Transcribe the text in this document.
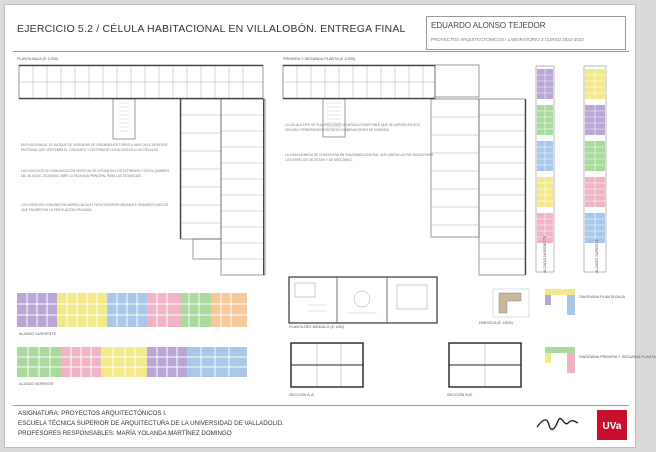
EJERCICIO 5.2 / CÉLULA HABITACIONAL EN VILLALOBÓN. ENTREGA FINAL	EDUARDO ALONSO TEJEDOR
PROYECTOS ARQUITECTÓNICOS I LABORATORIO 3 CURSO 2022-2023
PLANTA BAJA (E 1/200)
EN PLANTA BAJA, EL BLOQUE DE VIVIENDAS SE ORGANIZA EN TORNO A UNA CALLE INTERIOR PEATONAL QUE VERTEBRA EL CONJUNTO Y DISTRIBUYE LOS ACCESOS A LAS CÉLULAS.
LOS NÚCLEOS DE COMUNICACIÓN VERTICAL SE SITÚAN EN LOS EXTREMOS Y EN EL QUIEBRO DEL BLOQUE, DEJANDO LIBRE LA FACHADA PRINCIPAL PARA LAS ESTANCIAS.
LOS ESPACIOS COMUNES SE ABREN HACIA EL PATIO INTERIOR MEDIANTE GRANDES HUECOS QUE FAVORECEN LA VENTILACIÓN CRUZADA.
PRIMERA Y SEGUNDA PLANTA (E 1/200)
LA CÉLULA TIPO SE PLANTEA COMO UN MÓDULO REPETIBLE QUE SE AGRUPA EN DOS CRUJÍAS, PERMITIENDO DISTINTAS COMBINACIONES DE VIVIENDA.
LA ZONA HÚMEDA SE CONCENTRA EN UNA BANDA CENTRAL QUE LIBERA LAS FACHADAS PARA LOS ESPACIOS DE ESTAR Y DE DESCANSO.
ALZADO NOROESTE	ALZADO SURESTE
ALZADO SUROESTE
ALZADO NORESTE
PLANTA DEL MÓDULO (E 1/50)
PARCELA (E 1/500)
DIAGRAMA PLANTA BAJA
DIAGRAMA PRIMERA Y SEGUNDA PLANTA
SECCIÓN A-A'	SECCIÓN B-B'
ASIGNATURA: PROYECTOS ARQUITECTÓNICOS I.
ESCUELA TÉCNICA SUPERIOR DE ARQUITECTURA DE LA UNIVERSIDAD DE VALLADOLID.
PROFESORES RESPONSABLES: MARÍA YOLANDA MARTÍNEZ DOMINGO
UVa
